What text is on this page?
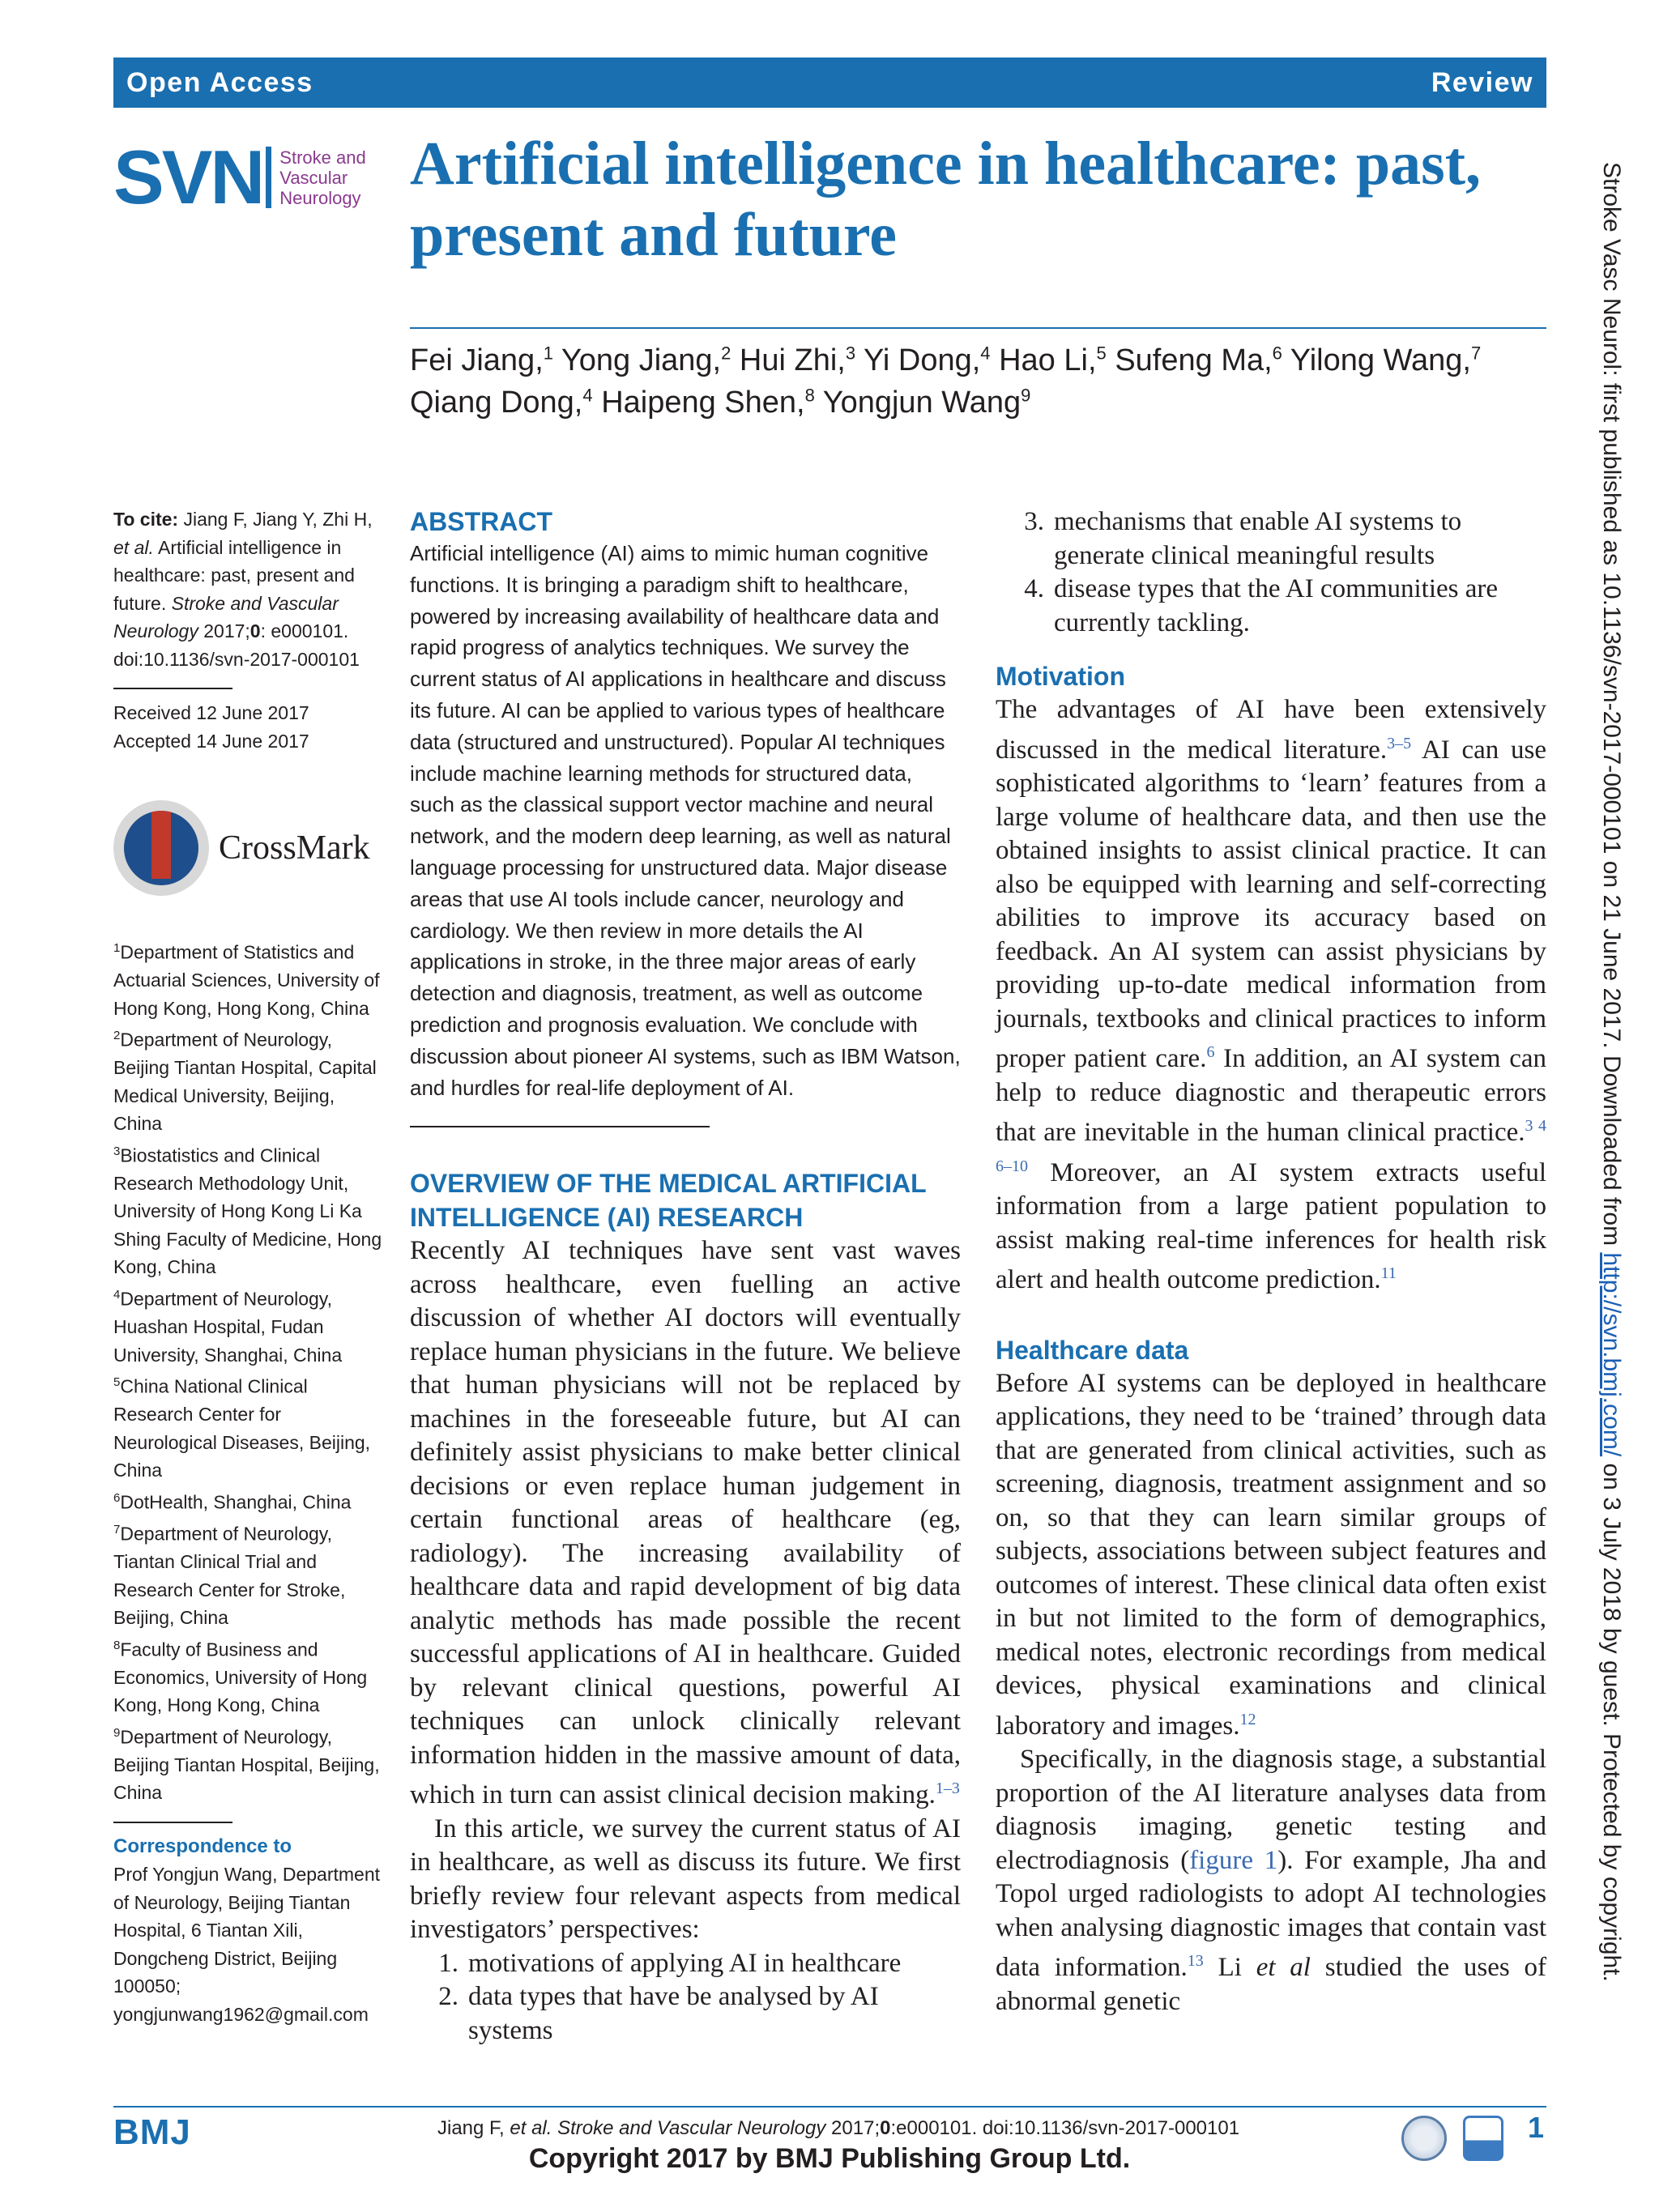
Open Access	Review
SVN Stroke and
Vascular
Neurology Artificial intelligence in healthcare: past, present and future
Fei Jiang,$^1$ Yong Jiang,$^2$ Hui Zhi,$^3$ Yi Dong,$^4$ Hao Li,$^5$ Sufeng Ma,$^6$ Yilong Wang,$^7$
Qiang Dong,$^4$ Haipeng Shen,$^8$ Yongjun Wang$^9$	Stroke Vasc Neurol: first published as 10.1136/svn-2017-000101 on 21 June 2017. Downloaded from http://svn.bmj.com/ on 3 July 2018 by guest. Protected by copyright.

To cite: Jiang F, Jiang Y, Zhi H, et al. Artificial intelligence in healthcare: past, present and future. Stroke and Vascular Neurology 2017;0: e000101. doi:10.1136/svn-2017-000101

Received 12 June 2017

Accepted 14 June 2017

CrossMark

$^1$Department of Statistics and Actuarial Sciences, University of Hong Kong, Hong Kong, China

$^2$Department of Neurology, Beijing Tiantan Hospital, Capital Medical University, Beijing, China

$^3$Biostatistics and Clinical Research Methodology Unit, University of Hong Kong Li Ka Shing Faculty of Medicine, Hong Kong, China

$^4$Department of Neurology, Huashan Hospital, Fudan University, Shanghai, China

$^5$China National Clinical Research Center for Neurological Diseases, Beijing, China

$^6$DotHealth, Shanghai, China

$^7$Department of Neurology, Tiantan Clinical Trial and Research Center for Stroke, Beijing, China

$^8$Faculty of Business and Economics, University of Hong Kong, Hong Kong, China

$^9$Department of Neurology, Beijing Tiantan Hospital, Beijing, China

Correspondence to

Prof Yongjun Wang, Department of Neurology, Beijing Tiantan Hospital, 6 Tiantan Xili, Dongcheng District, Beijing 100050; yongjunwang1962@gmail.com

ABSTRACT

Artificial intelligence (AI) aims to mimic human cognitive functions. It is bringing a paradigm shift to healthcare, powered by increasing availability of healthcare data and rapid progress of analytics techniques. We survey the current status of AI applications in healthcare and discuss its future. AI can be applied to various types of healthcare data (structured and unstructured). Popular AI techniques include machine learning methods for structured data, such as the classical support vector machine and neural network, and the modern deep learning, as well as natural language processing for unstructured data. Major disease areas that use AI tools include cancer, neurology and cardiology. We then review in more details the AI applications in stroke, in the three major areas of early detection and diagnosis, treatment, as well as outcome prediction and prognosis evaluation. We conclude with discussion about pioneer AI systems, such as IBM Watson, and hurdles for real-life deployment of AI.

OVERVIEW OF THE MEDICAL ARTIFICIAL INTELLIGENCE (AI) RESEARCH

Recently AI techniques have sent vast waves across healthcare, even fuelling an active discussion of whether AI doctors will eventually replace human physicians in the future. We believe that human physicians will not be replaced by machines in the foreseeable future, but AI can definitely assist physicians to make better clinical decisions or even replace human judgement in certain functional areas of healthcare (eg, radiology). The increasing availability of healthcare data and rapid development of big data analytic methods has made possible the recent successful applications of AI in healthcare. Guided by relevant clinical questions, powerful AI techniques can unlock clinically relevant information hidden in the massive amount of data, which in turn can assist clinical decision making.$^{1-3}$

In this article, we survey the current status of AI in healthcare, as well as discuss its future. We first briefly review four relevant aspects from medical investigators’ perspectives:

1. motivations of applying AI in healthcare
2. data types that have be analysed by AI systems
3. mechanisms that enable AI systems to generate clinical meaningful results
4. disease types that the AI communities are currently tackling.
Motivation

The advantages of AI have been extensively discussed in the medical literature.$^{3-5}$ AI can use sophisticated algorithms to ‘learn’ features from a large volume of healthcare data, and then use the obtained insights to assist clinical practice. It can also be equipped with learning and self-correcting abilities to improve its accuracy based on feedback. An AI system can assist physicians by providing up-to-date medical information from journals, textbooks and clinical practices to inform proper patient care.$^6$ In addition, an AI system can help to reduce diagnostic and therapeutic errors that are inevitable in the human clinical practice.$^{3 4 6-10}$ Moreover, an AI system extracts useful information from a large patient population to assist making real-time inferences for health risk alert and health outcome prediction.$^{11}$

Healthcare data

Before AI systems can be deployed in healthcare applications, they need to be ‘trained’ through data that are generated from clinical activities, such as screening, diagnosis, treatment assignment and so on, so that they can learn similar groups of subjects, associations between subject features and outcomes of interest. These clinical data often exist in but not limited to the form of demographics, medical notes, electronic recordings from medical devices, physical examinations and clinical laboratory and images.$^{12}$

Specifically, in the diagnosis stage, a substantial proportion of the AI literature analyses data from diagnosis imaging, genetic testing and electrodiagnosis (figure 1). For example, Jha and Topol urged radiologists to adopt AI technologies when analysing diagnostic images that contain vast data information.$^{13}$ Li et al studied the uses of abnormal genetic

BMJ	Jiang F, et al. Stroke and Vascular Neurology 2017;0:e000101. doi:10.1136/svn-2017-000101	1
Copyright 2017 by BMJ Publishing Group Ltd.
